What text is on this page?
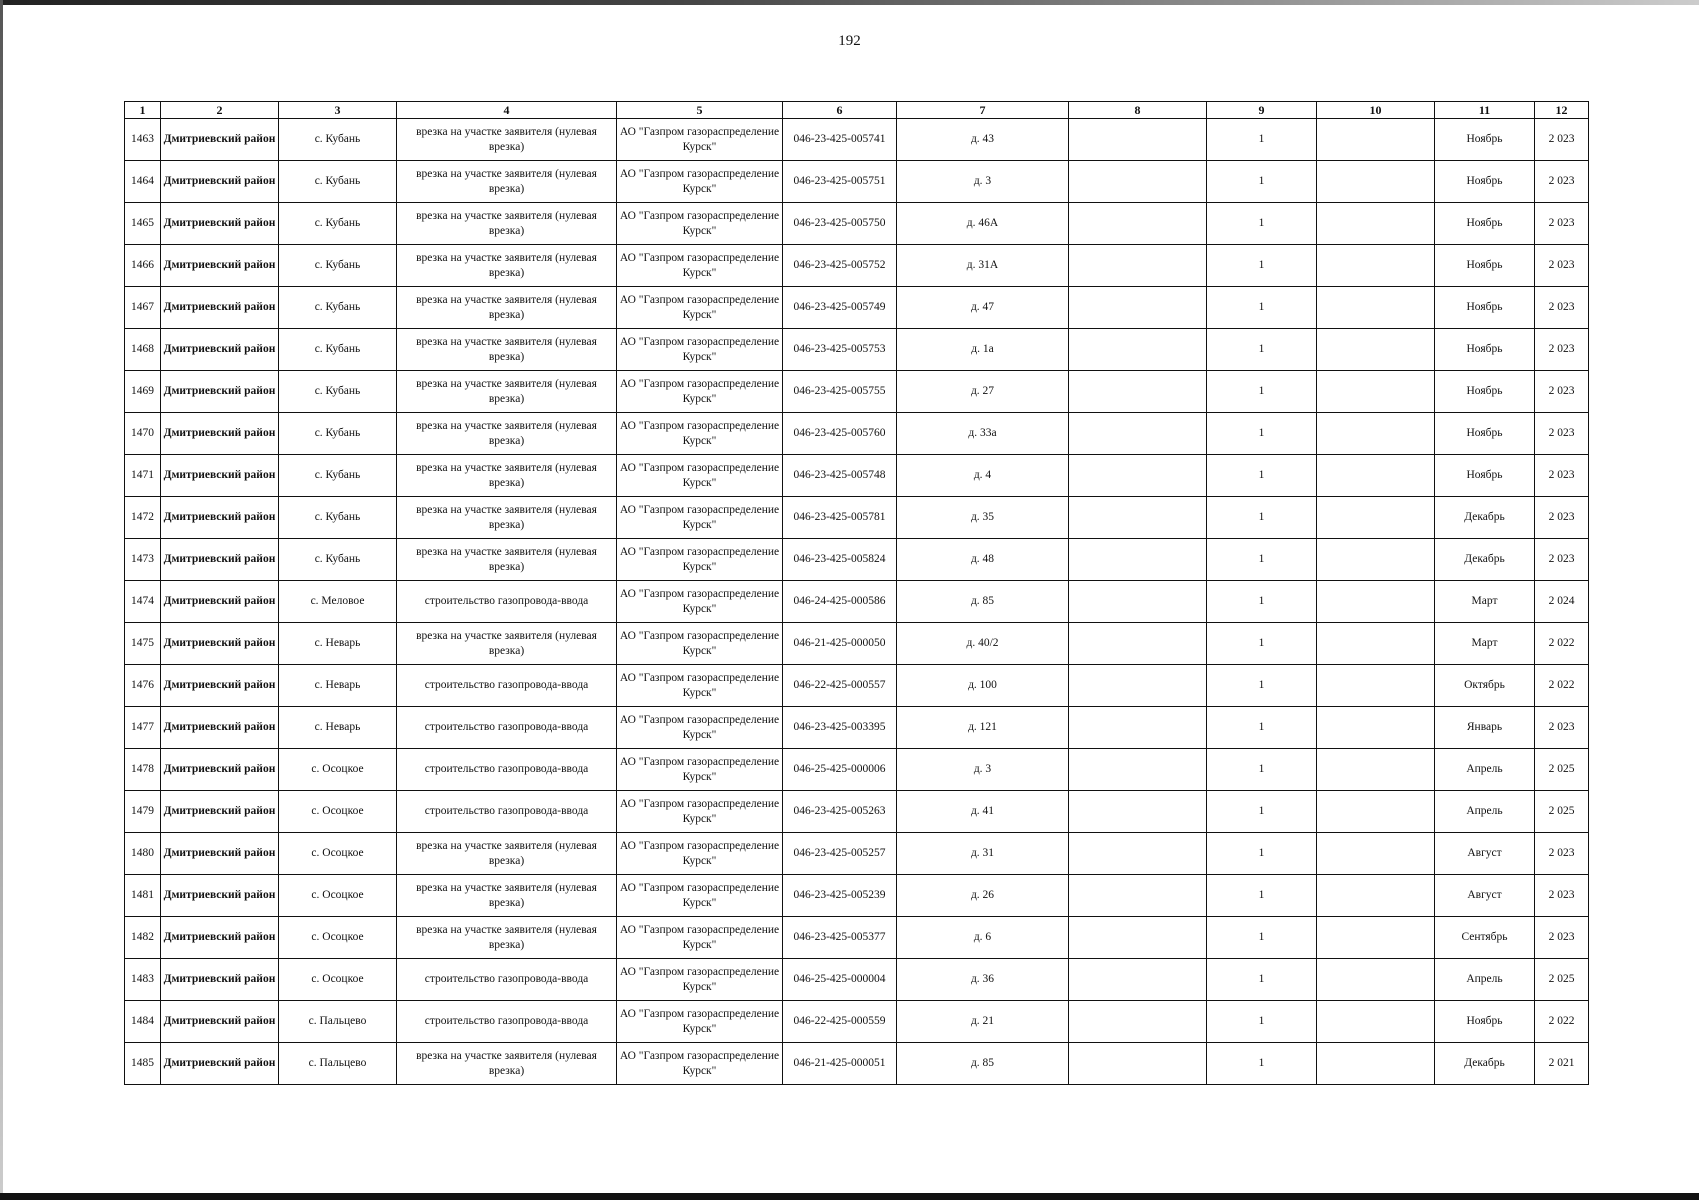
192
1	2	3	4	5	6	7	8	9	10	11	12
1463	Дмитриевский район	с. Кубань	врезка на участке заявителя (нулевая врезка)	АО "Газпром газораспределение Курск"	046-23-425-005741	д. 43		1		Ноябрь	2 023
1464	Дмитриевский район	с. Кубань	врезка на участке заявителя (нулевая врезка)	АО "Газпром газораспределение Курск"	046-23-425-005751	д. 3		1		Ноябрь	2 023
1465	Дмитриевский район	с. Кубань	врезка на участке заявителя (нулевая врезка)	АО "Газпром газораспределение Курск"	046-23-425-005750	д. 46А		1		Ноябрь	2 023
1466	Дмитриевский район	с. Кубань	врезка на участке заявителя (нулевая врезка)	АО "Газпром газораспределение Курск"	046-23-425-005752	д. 31А		1		Ноябрь	2 023
1467	Дмитриевский район	с. Кубань	врезка на участке заявителя (нулевая врезка)	АО "Газпром газораспределение Курск"	046-23-425-005749	д. 47		1		Ноябрь	2 023
1468	Дмитриевский район	с. Кубань	врезка на участке заявителя (нулевая врезка)	АО "Газпром газораспределение Курск"	046-23-425-005753	д. 1а		1		Ноябрь	2 023
1469	Дмитриевский район	с. Кубань	врезка на участке заявителя (нулевая врезка)	АО "Газпром газораспределение Курск"	046-23-425-005755	д. 27		1		Ноябрь	2 023
1470	Дмитриевский район	с. Кубань	врезка на участке заявителя (нулевая врезка)	АО "Газпром газораспределение Курск"	046-23-425-005760	д. 33а		1		Ноябрь	2 023
1471	Дмитриевский район	с. Кубань	врезка на участке заявителя (нулевая врезка)	АО "Газпром газораспределение Курск"	046-23-425-005748	д. 4		1		Ноябрь	2 023
1472	Дмитриевский район	с. Кубань	врезка на участке заявителя (нулевая врезка)	АО "Газпром газораспределение Курск"	046-23-425-005781	д. 35		1		Декабрь	2 023
1473	Дмитриевский район	с. Кубань	врезка на участке заявителя (нулевая врезка)	АО "Газпром газораспределение Курск"	046-23-425-005824	д. 48		1		Декабрь	2 023
1474	Дмитриевский район	с. Меловое	строительство газопровода-ввода	АО "Газпром газораспределение Курск"	046-24-425-000586	д. 85		1		Март	2 024
1475	Дмитриевский район	с. Неварь	врезка на участке заявителя (нулевая врезка)	АО "Газпром газораспределение Курск"	046-21-425-000050	д. 40/2		1		Март	2 022
1476	Дмитриевский район	с. Неварь	строительство газопровода-ввода	АО "Газпром газораспределение Курск"	046-22-425-000557	д. 100		1		Октябрь	2 022
1477	Дмитриевский район	с. Неварь	строительство газопровода-ввода	АО "Газпром газораспределение Курск"	046-23-425-003395	д. 121		1		Январь	2 023
1478	Дмитриевский район	с. Осоцкое	строительство газопровода-ввода	АО "Газпром газораспределение Курск"	046-25-425-000006	д. 3		1		Апрель	2 025
1479	Дмитриевский район	с. Осоцкое	строительство газопровода-ввода	АО "Газпром газораспределение Курск"	046-23-425-005263	д. 41		1		Апрель	2 025
1480	Дмитриевский район	с. Осоцкое	врезка на участке заявителя (нулевая врезка)	АО "Газпром газораспределение Курск"	046-23-425-005257	д. 31		1		Август	2 023
1481	Дмитриевский район	с. Осоцкое	врезка на участке заявителя (нулевая врезка)	АО "Газпром газораспределение Курск"	046-23-425-005239	д. 26		1		Август	2 023
1482	Дмитриевский район	с. Осоцкое	врезка на участке заявителя (нулевая врезка)	АО "Газпром газораспределение Курск"	046-23-425-005377	д. 6		1		Сентябрь	2 023
1483	Дмитриевский район	с. Осоцкое	строительство газопровода-ввода	АО "Газпром газораспределение Курск"	046-25-425-000004	д. 36		1		Апрель	2 025
1484	Дмитриевский район	с. Пальцево	строительство газопровода-ввода	АО "Газпром газораспределение Курск"	046-22-425-000559	д. 21		1		Ноябрь	2 022
1485	Дмитриевский район	с. Пальцево	врезка на участке заявителя (нулевая врезка)	АО "Газпром газораспределение Курск"	046-21-425-000051	д. 85		1		Декабрь	2 021
